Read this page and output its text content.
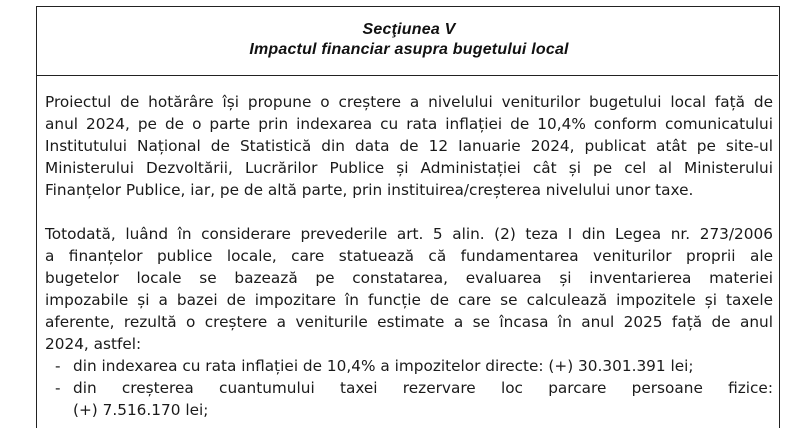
Secţiunea V
Impactul financiar asupra bugetului local

Proiectul de hotărâre își propune o creștere a nivelului veniturilor bugetului local față de
anul 2024, pe de o parte prin indexarea cu rata inflației de 10,4% conform comunicatului
Institutului Național de Statistică din data de 12 Ianuarie 2024, publicat atât pe site-ul
Ministerului Dezvoltării, Lucrărilor Publice și Administației cât și pe cel al Ministerului
Finanțelor Publice, iar, pe de altă parte, prin instituirea/creșterea nivelului unor taxe.

Totodată, luând în considerare prevederile art. 5 alin. (2) teza I din Legea nr. 273/2006
a finanțelor publice locale, care statuează că fundamentarea veniturilor proprii ale
bugetelor locale se bazează pe constatarea, evaluarea și inventarierea materiei
impozabile și a bazei de impozitare în funcție de care se calculează impozitele și taxele
aferente, rezultă o creștere a veniturile estimate a se încasa în anul 2025 față de anul
2024, astfel:

- din indexarea cu rata inflației de 10,4% a impozitelor directe: (+) 30.301.391 lei;
- din creșterea cuantumului taxei rezervare loc parcare persoane fizice:
(+) 7.516.170 lei;
